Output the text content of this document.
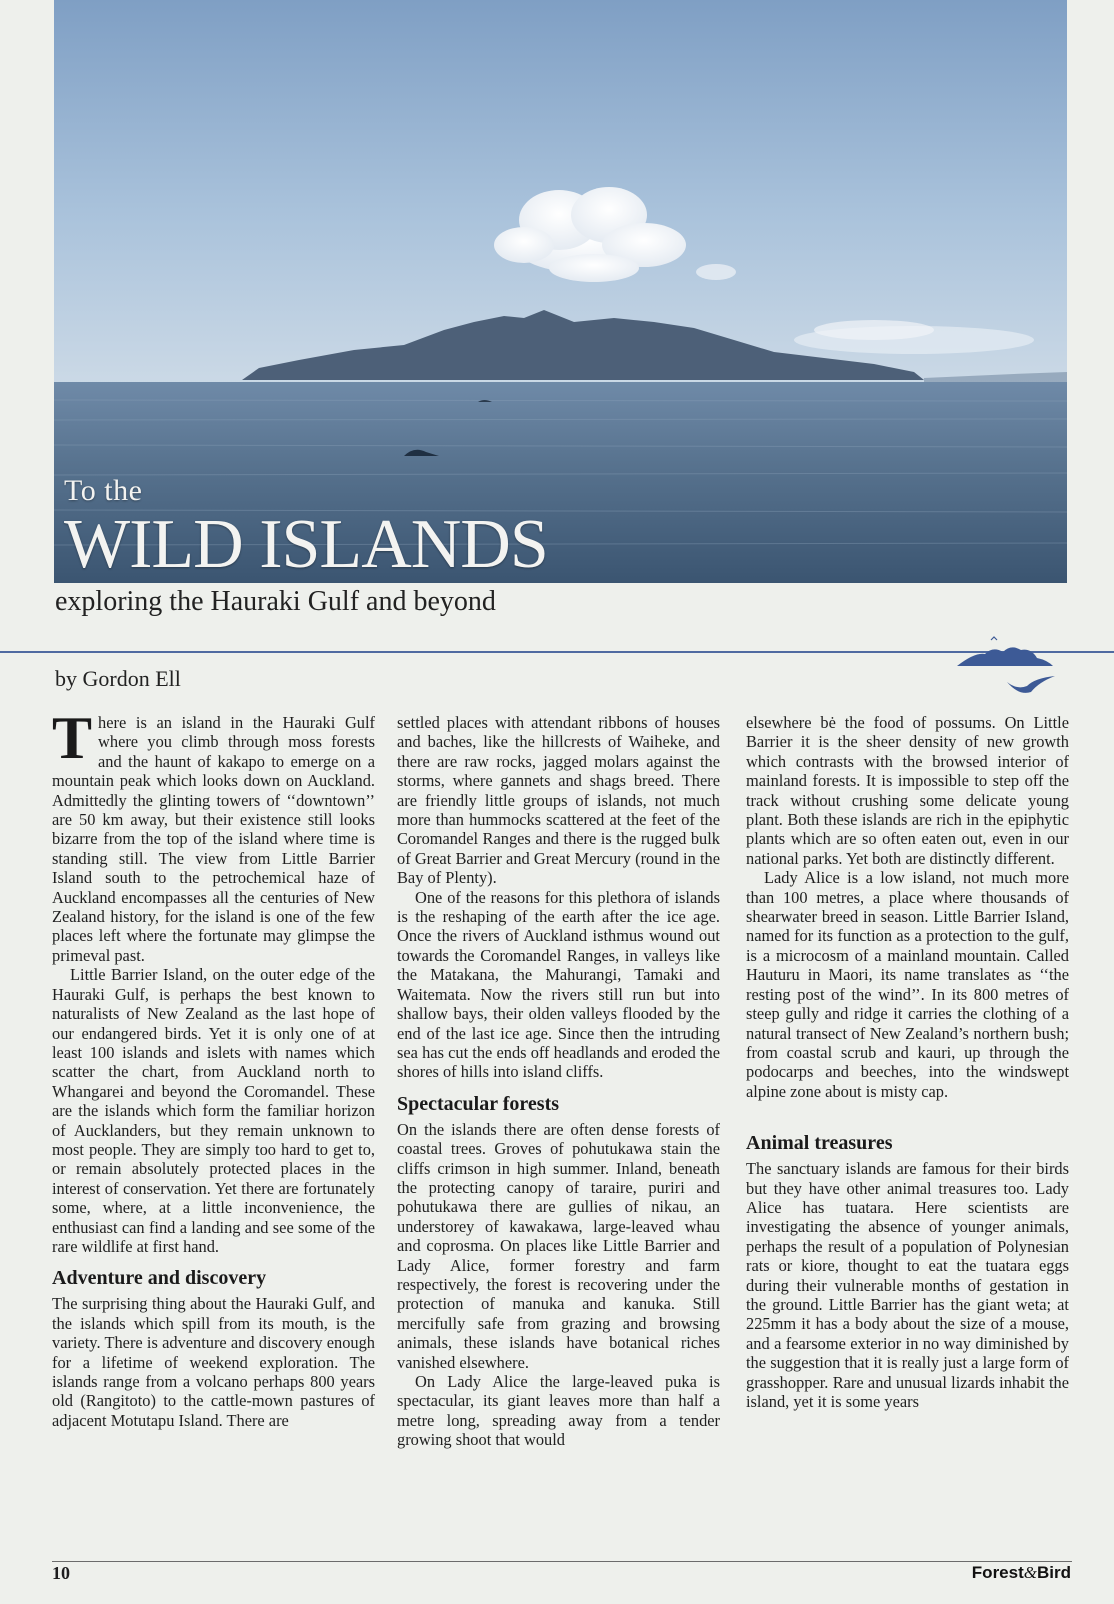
To the
WILD ISLANDS
exploring the Hauraki Gulf and beyond
by Gordon Ell

There is an island in the Hauraki Gulf where you climb through moss forests and the haunt of kakapo to emerge on a mountain peak which looks down on Auckland. Admittedly the glinting towers of ‘‘downtown’’ are 50 km away, but their existence still looks bizarre from the top of the island where time is standing still. The view from Little Barrier Island south to the petrochemical haze of Auckland encompasses all the centuries of New Zealand history, for the island is one of the few places left where the fortunate may glimpse the primeval past.

Little Barrier Island, on the outer edge of the Hauraki Gulf, is perhaps the best known to naturalists of New Zealand as the last hope of our endangered birds. Yet it is only one of at least 100 islands and islets with names which scatter the chart, from Auckland north to Whangarei and beyond the Coromandel. These are the islands which form the familiar horizon of Aucklanders, but they remain unknown to most people. They are simply too hard to get to, or remain absolutely protected places in the interest of conservation. Yet there are fortunately some, where, at a little inconvenience, the enthusiast can find a landing and see some of the rare wildlife at first hand.

Adventure and discovery

The surprising thing about the Hauraki Gulf, and the islands which spill from its mouth, is the variety. There is adventure and discovery enough for a lifetime of weekend exploration. The islands range from a volcano perhaps 800 years old (Rangitoto) to the cattle-mown pastures of adjacent Motutapu Island. There are

settled places with attendant ribbons of houses and baches, like the hillcrests of Waiheke, and there are raw rocks, jagged molars against the storms, where gannets and shags breed. There are friendly little groups of islands, not much more than hummocks scattered at the feet of the Coromandel Ranges and there is the rugged bulk of Great Barrier and Great Mercury (round in the Bay of Plenty).

One of the reasons for this plethora of islands is the reshaping of the earth after the ice age. Once the rivers of Auckland isthmus wound out towards the Coromandel Ranges, in valleys like the Matakana, the Mahurangi, Tamaki and Waitemata. Now the rivers still run but into shallow bays, their olden valleys flooded by the end of the last ice age. Since then the intruding sea has cut the ends off headlands and eroded the shores of hills into island cliffs.

Spectacular forests

On the islands there are often dense forests of coastal trees. Groves of pohutukawa stain the cliffs crimson in high summer. Inland, beneath the protecting canopy of taraire, puriri and pohutukawa there are gullies of nikau, an understorey of kawakawa, large-leaved whau and coprosma. On places like Little Barrier and Lady Alice, former forestry and farm respectively, the forest is recovering under the protection of manuka and kanuka. Still mercifully safe from grazing and browsing animals, these islands have botanical riches vanished elsewhere.

On Lady Alice the large-leaved puka is spectacular, its giant leaves more than half a metre long, spreading away from a tender growing shoot that would

elsewhere bė the food of possums. On Little Barrier it is the sheer density of new growth which contrasts with the browsed interior of mainland forests. It is impossible to step off the track without crushing some delicate young plant. Both these islands are rich in the epiphytic plants which are so often eaten out, even in our national parks. Yet both are distinctly different.

Lady Alice is a low island, not much more than 100 metres, a place where thousands of shearwater breed in season. Little Barrier Island, named for its function as a protection to the gulf, is a microcosm of a mainland mountain. Called Hauturu in Maori, its name translates as ‘‘the resting post of the wind’’. In its 800 metres of steep gully and ridge it carries the clothing of a natural transect of New Zealand’s northern bush; from coastal scrub and kauri, up through the podocarps and beeches, into the windswept alpine zone about is misty cap.

Animal treasures

The sanctuary islands are famous for their birds but they have other animal treasures too. Lady Alice has tuatara. Here scientists are investigating the absence of younger animals, perhaps the result of a population of Polynesian rats or kiore, thought to eat the tuatara eggs during their vulnerable months of gestation in the ground. Little Barrier has the giant weta; at 225mm it has a body about the size of a mouse, and a fearsome exterior in no way diminished by the suggestion that it is really just a large form of grasshopper. Rare and unusual lizards inhabit the island, yet it is some years

10	Forest&Bird
